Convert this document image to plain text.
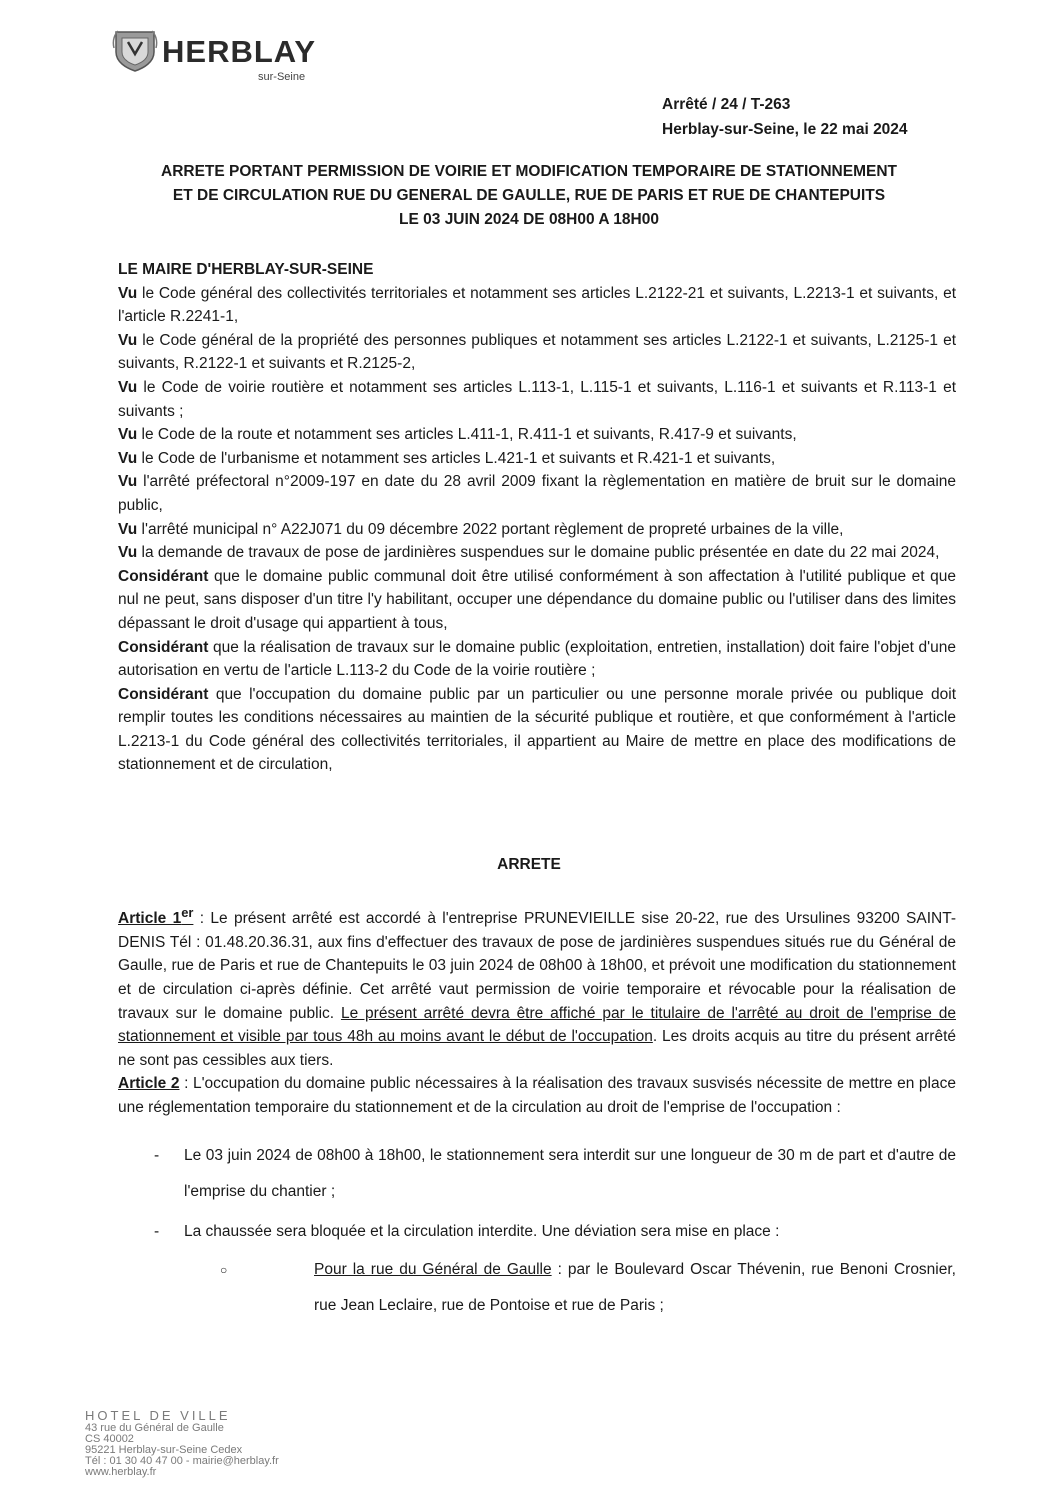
HERBLAY
sur-Seine
Arrêté / 24 / T-263
Herblay-sur-Seine, le 22 mai 2024
ARRETE PORTANT PERMISSION DE VOIRIE ET MODIFICATION TEMPORAIRE DE STATIONNEMENT
ET DE CIRCULATION RUE DU GENERAL DE GAULLE, RUE DE PARIS ET RUE DE CHANTEPUITS
LE 03 JUIN 2024 DE 08H00 A 18H00

LE MAIRE D'HERBLAY-SUR-SEINE

Vu le Code général des collectivités territoriales et notamment ses articles L.2122-21 et suivants, L.2213-1 et suivants, et l'article R.2241-1,

Vu le Code général de la propriété des personnes publiques et notamment ses articles L.2122-1 et suivants, L.2125-1 et suivants, R.2122-1 et suivants et R.2125-2,

Vu le Code de voirie routière et notamment ses articles L.113-1, L.115-1 et suivants, L.116-1 et suivants et R.113-1 et suivants ;

Vu le Code de la route et notamment ses articles L.411-1, R.411-1 et suivants, R.417-9 et suivants,

Vu le Code de l'urbanisme et notamment ses articles L.421-1 et suivants et R.421-1 et suivants,

Vu l'arrêté préfectoral n°2009-197 en date du 28 avril 2009 fixant la règlementation en matière de bruit sur le domaine public,

Vu l'arrêté municipal n° A22J071 du 09 décembre 2022 portant règlement de propreté urbaines de la ville,

Vu la demande de travaux de pose de jardinières suspendues sur le domaine public présentée en date du 22 mai 2024,

Considérant que le domaine public communal doit être utilisé conformément à son affectation à l'utilité publique et que nul ne peut, sans disposer d'un titre l'y habilitant, occuper une dépendance du domaine public ou l'utiliser dans des limites dépassant le droit d'usage qui appartient à tous,

Considérant que la réalisation de travaux sur le domaine public (exploitation, entretien, installation) doit faire l'objet d'une autorisation en vertu de l'article L.113-2 du Code de la voirie routière ;

Considérant que l'occupation du domaine public par un particulier ou une personne morale privée ou publique doit remplir toutes les conditions nécessaires au maintien de la sécurité publique et routière, et que conformément à l'article L.2213-1 du Code général des collectivités territoriales, il appartient au Maire de mettre en place des modifications de stationnement et de circulation,

ARRETE

Article 1er : Le présent arrêté est accordé à l'entreprise PRUNEVIEILLE sise 20-22, rue des Ursulines 93200 SAINT-DENIS Tél : 01.48.20.36.31, aux fins d'effectuer des travaux de pose de jardinières suspendues situés rue du Général de Gaulle, rue de Paris et rue de Chantepuits le 03 juin 2024 de 08h00 à 18h00, et prévoit une modification du stationnement et de circulation ci-après définie. Cet arrêté vaut permission de voirie temporaire et révocable pour la réalisation de travaux sur le domaine public. Le présent arrêté devra être affiché par le titulaire de l'arrêté au droit de l'emprise de stationnement et visible par tous 48h au moins avant le début de l'occupation. Les droits acquis au titre du présent arrêté ne sont pas cessibles aux tiers.

Article 2 : L'occupation du domaine public nécessaires à la réalisation des travaux susvisés nécessite de mettre en place une réglementation temporaire du stationnement et de la circulation au droit de l'emprise de l'occupation :

- Le 03 juin 2024 de 08h00 à 18h00, le stationnement sera interdit sur une longueur de 30 m de part et d'autre de l'emprise du chantier ;
- La chaussée sera bloquée et la circulation interdite. Une déviation sera mise en place :
○	Pour la rue du Général de Gaulle : par le Boulevard Oscar Thévenin, rue Benoni Crosnier, rue Jean Leclaire, rue de Pontoise et rue de Paris ;
HOTEL DE VILLE
43 rue du Général de Gaulle
CS 40002
95221 Herblay-sur-Seine Cedex
Tél : 01 30 40 47 00 - mairie@herblay.fr
www.herblay.fr
